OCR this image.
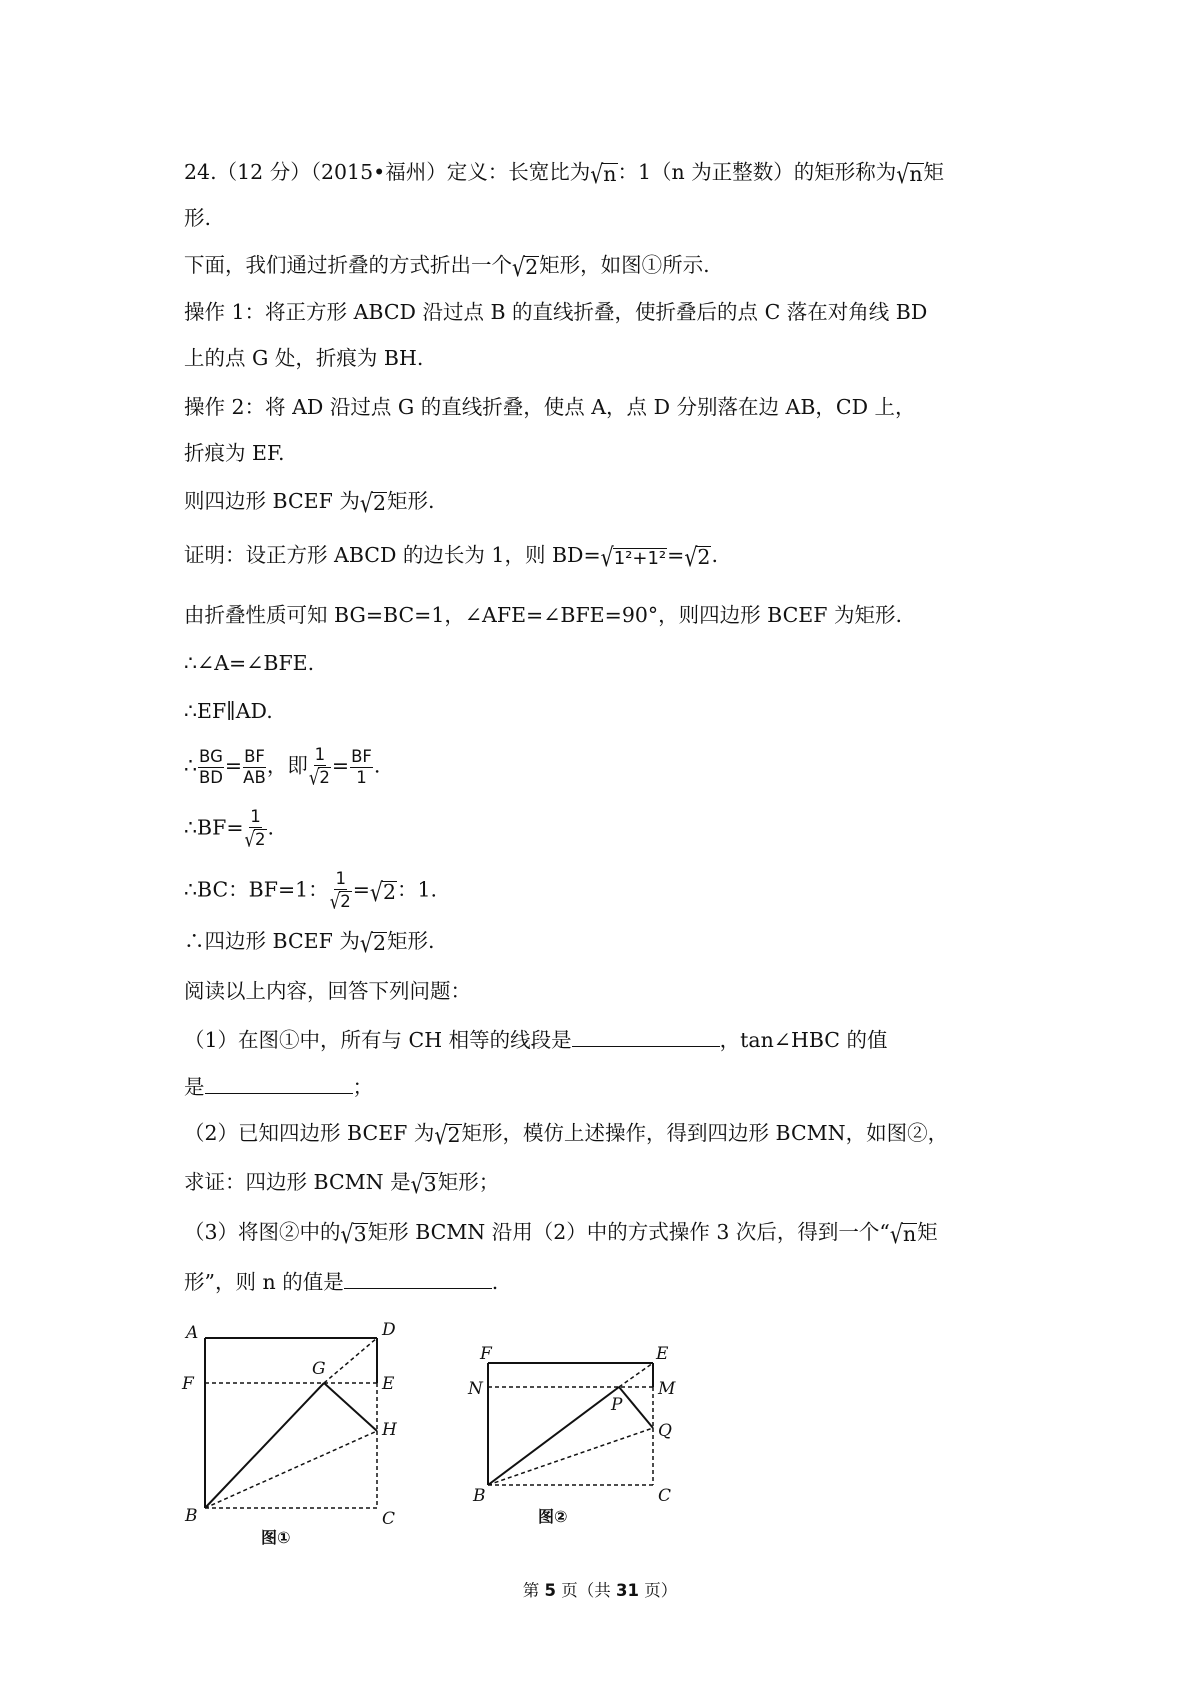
24.（12 分）（2015•福州）定义：长宽比为√n：1（n 为正整数）的矩形称为√n矩
形.
下面，我们通过折叠的方式折出一个√2矩形，如图①所示.
操作 1：将正方形 ABCD 沿过点 B 的直线折叠，使折叠后的点 C 落在对角线 BD
上的点 G 处，折痕为 BH.
操作 2：将 AD 沿过点 G 的直线折叠，使点 A，点 D 分别落在边 AB，CD 上，
折痕为 EF.
则四边形 BCEF 为√2矩形.
证明：设正方形 ABCD 的边长为 1，则 BD=√1²+1²=√2.
由折叠性质可知 BG=BC=1，∠AFE=∠BFE=90°，则四边形 BCEF 为矩形.
∴∠A=∠BFE.
∴EF∥AD.
∴ $\frac{BG}{BD} = \frac{BF}{AB}$ ，即 $\frac{1}{√2} = \frac{BF}{1}$ .
∴BF= $\frac{1}{√2}$ .
∴BC：BF=1： $\frac{1}{√2} =√2$：1.
∴四边形 BCEF 为√2矩形.
阅读以上内容，回答下列问题：
（1）在图①中，所有与 CH 相等的线段是	，tan∠HBC 的值
是	；
（2）已知四边形 BCEF 为√2矩形，模仿上述操作，得到四边形 BCMN，如图②，
求证：四边形 BCMN 是√3矩形；
（3）将图②中的√3矩形 BCMN 沿用（2）中的方式操作 3 次后，得到一个“√n矩
形”，则 n 的值是	.
A	D
F
G
E
H
B	C
图①
F	E
N	M
P
Q
B	C
图②
第 5 页（共 31 页）
